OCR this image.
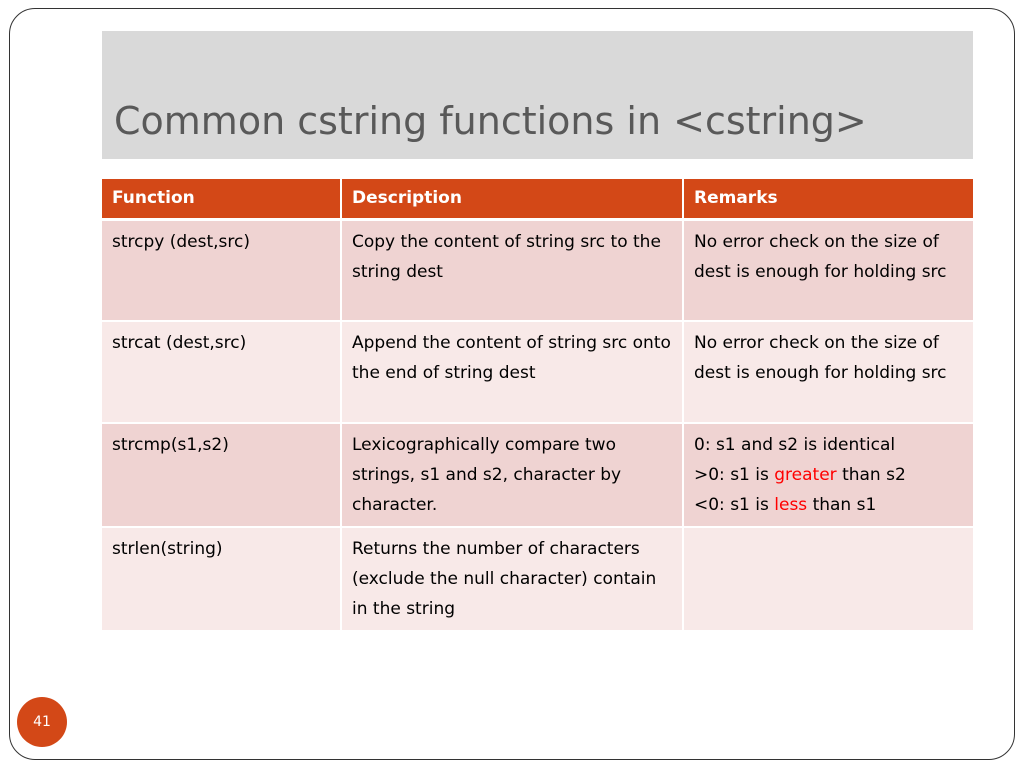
Common cstring functions in <cstring>
Function	Description	Remarks
strcpy (dest,src)	Copy the content of string src to the string dest	No error check on the size of dest is enough for holding src
strcat (dest,src)	Append the content of string src onto the end of string dest	No error check on the size of dest is enough for holding src
strcmp(s1,s2)	Lexicographically compare two strings, s1 and s2, character by character.	0: s1 and s2 is identical
>0: s1 is greater than s2
<0: s1 is less than s1

strlen(string)	Returns the number of characters (exclude the null character) contain in the string	
41
